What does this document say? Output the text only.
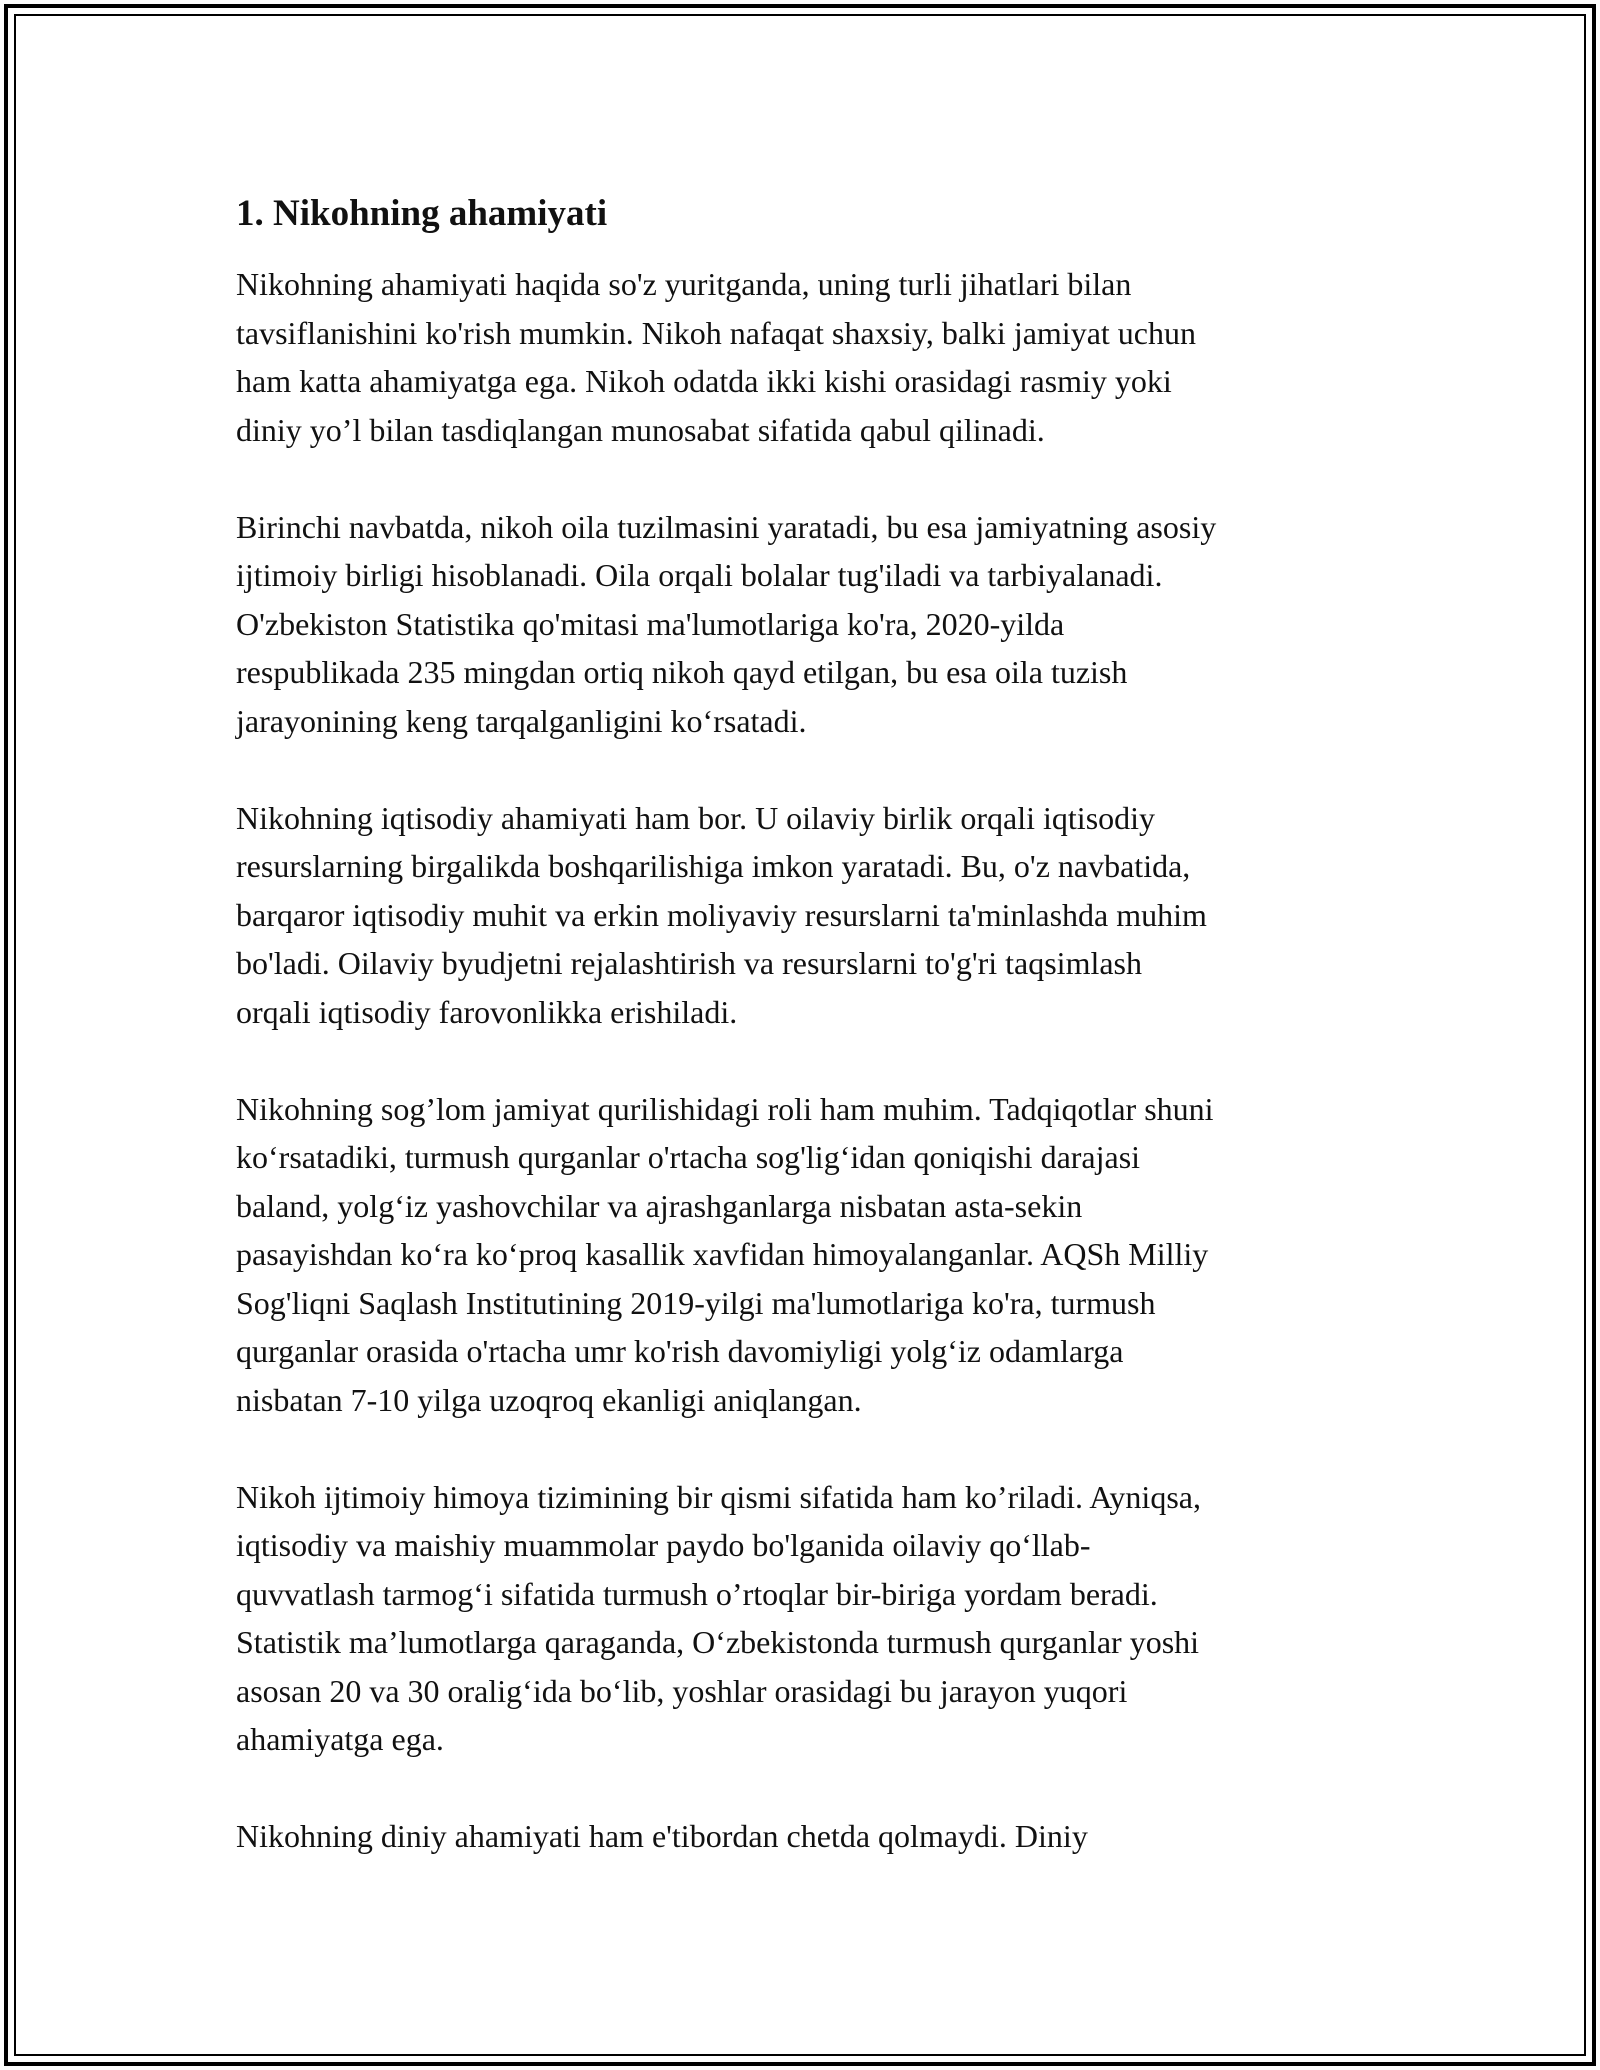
1. Nikohning ahamiyati
Nikohning ahamiyati haqida so'z yuritganda, uning turli jihatlari bilan
tavsiflanishini ko'rish mumkin. Nikoh nafaqat shaxsiy, balki jamiyat uchun
ham katta ahamiyatga ega. Nikoh odatda ikki kishi orasidagi rasmiy yoki
diniy yo’l bilan tasdiqlangan munosabat sifatida qabul qilinadi.
Birinchi navbatda, nikoh oila tuzilmasini yaratadi, bu esa jamiyatning asosiy
ijtimoiy birligi hisoblanadi. Oila orqali bolalar tug'iladi va tarbiyalanadi.
O'zbekiston Statistika qo'mitasi ma'lumotlariga ko'ra, 2020-yilda
respublikada 235 mingdan ortiq nikoh qayd etilgan, bu esa oila tuzish
jarayonining keng tarqalganligini ko‘rsatadi.
Nikohning iqtisodiy ahamiyati ham bor. U oilaviy birlik orqali iqtisodiy
resurslarning birgalikda boshqarilishiga imkon yaratadi. Bu, o'z navbatida,
barqaror iqtisodiy muhit va erkin moliyaviy resurslarni ta'minlashda muhim
bo'ladi. Oilaviy byudjetni rejalashtirish va resurslarni to'g'ri taqsimlash
orqali iqtisodiy farovonlikka erishiladi.
Nikohning sog’lom jamiyat qurilishidagi roli ham muhim. Tadqiqotlar shuni
ko‘rsatadiki, turmush qurganlar o'rtacha sog'lig‘idan qoniqishi darajasi
baland, yolg‘iz yashovchilar va ajrashganlarga nisbatan asta-sekin
pasayishdan ko‘ra ko‘proq kasallik xavfidan himoyalanganlar. AQSh Milliy
Sog'liqni Saqlash Institutining 2019-yilgi ma'lumotlariga ko'ra, turmush
qurganlar orasida o'rtacha umr ko'rish davomiyligi yolg‘iz odamlarga
nisbatan 7-10 yilga uzoqroq ekanligi aniqlangan.
Nikoh ijtimoiy himoya tizimining bir qismi sifatida ham ko’riladi. Ayniqsa,
iqtisodiy va maishiy muammolar paydo bo'lganida oilaviy qo‘llab-
quvvatlash tarmog‘i sifatida turmush o’rtoqlar bir-biriga yordam beradi.
Statistik ma’lumotlarga qaraganda, O‘zbekistonda turmush qurganlar yoshi
asosan 20 va 30 oralig‘ida bo‘lib, yoshlar orasidagi bu jarayon yuqori
ahamiyatga ega.
Nikohning diniy ahamiyati ham e'tibordan chetda qolmaydi. Diniy
